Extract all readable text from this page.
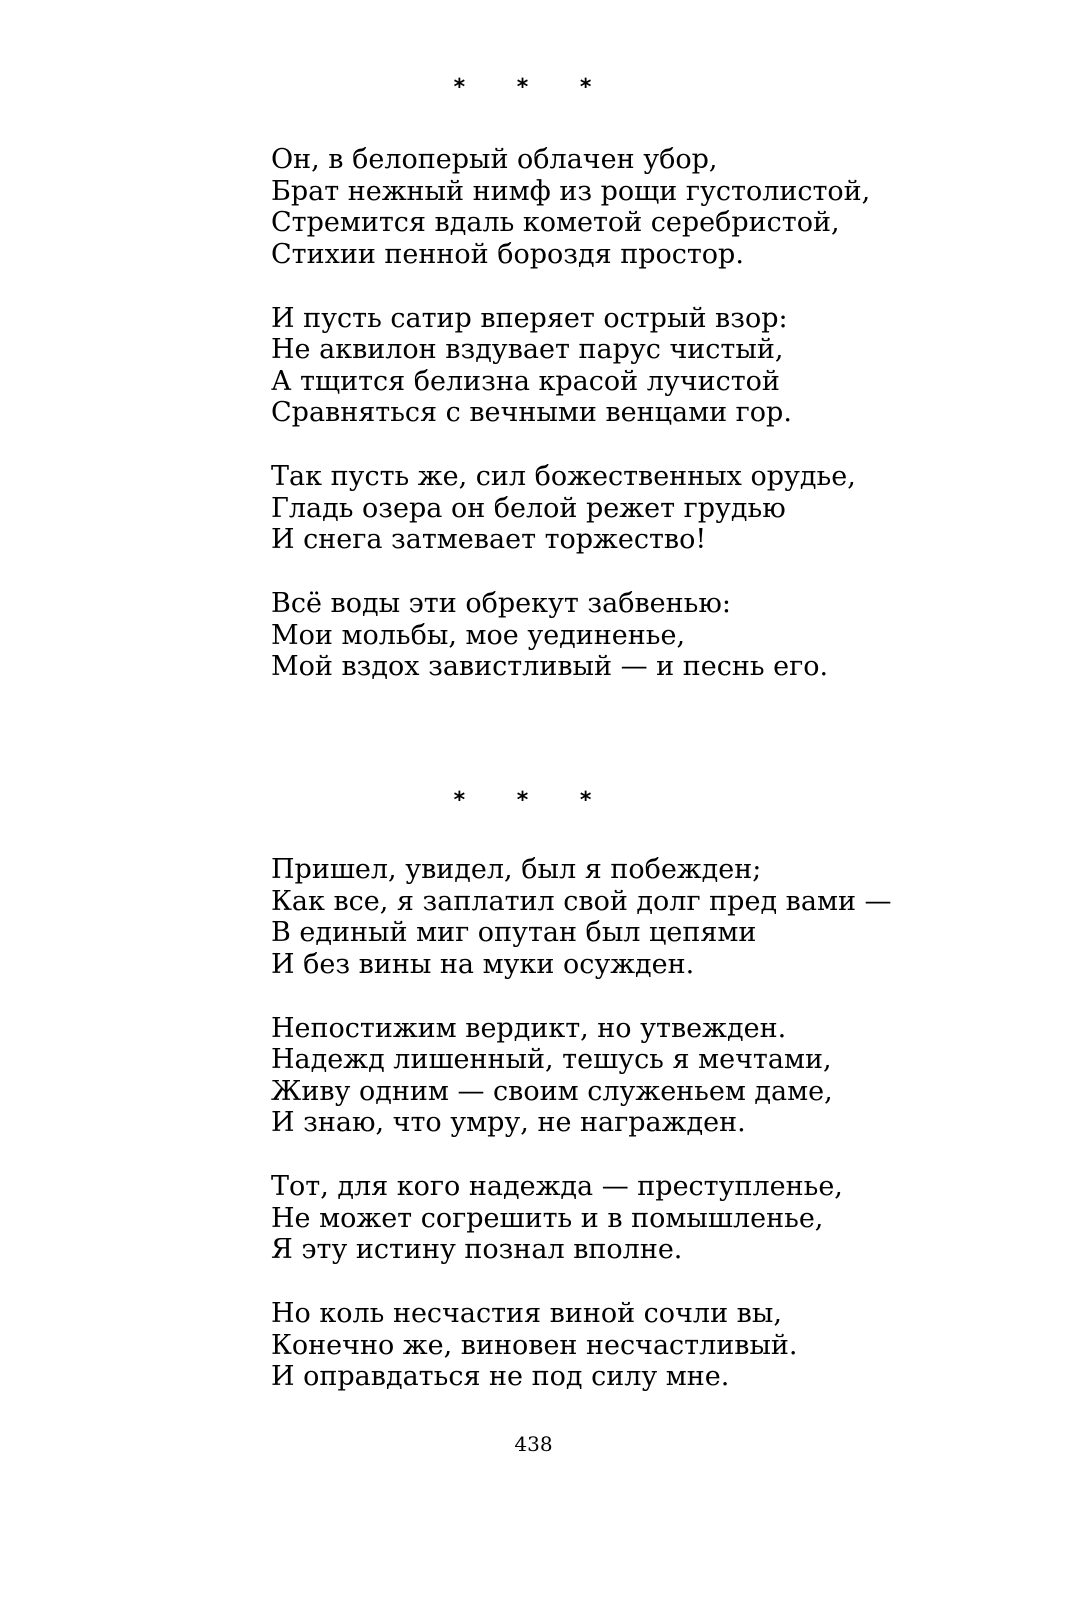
* * *
Он, в белоперый облачен убор,
Брат нежный нимф из рощи густолистой,
Стремится вдаль кометой серебристой,
Стихии пенной бороздя простор.
И пусть сатир вперяет острый взор:
Не аквилон вздувает парус чистый,
А тщится белизна красой лучистой
Сравняться с вечными венцами гор.
Так пусть же, сил божественных орудье,
Гладь озера он белой режет грудью
И снега затмевает торжество!
Всё воды эти обрекут забвенью:
Мои мольбы, мое уединенье,
Мой вздох завистливый — и песнь его.
* * *
Пришел, увидел, был я побежден;
Как все, я заплатил свой долг пред вами —
В единый миг опутан был цепями
И без вины на муки осужден.
Непостижим вердикт, но утвежден.
Надежд лишенный, тешусь я мечтами,
Живу одним — своим служеньем даме,
И знаю, что умру, не награжден.
Тот, для кого надежда — преступленье,
Не может согрешить и в помышленье,
Я эту истину познал вполне.
Но коль несчастия виной сочли вы,
Конечно же, виновен несчастливый.
И оправдаться не под силу мне.
438
